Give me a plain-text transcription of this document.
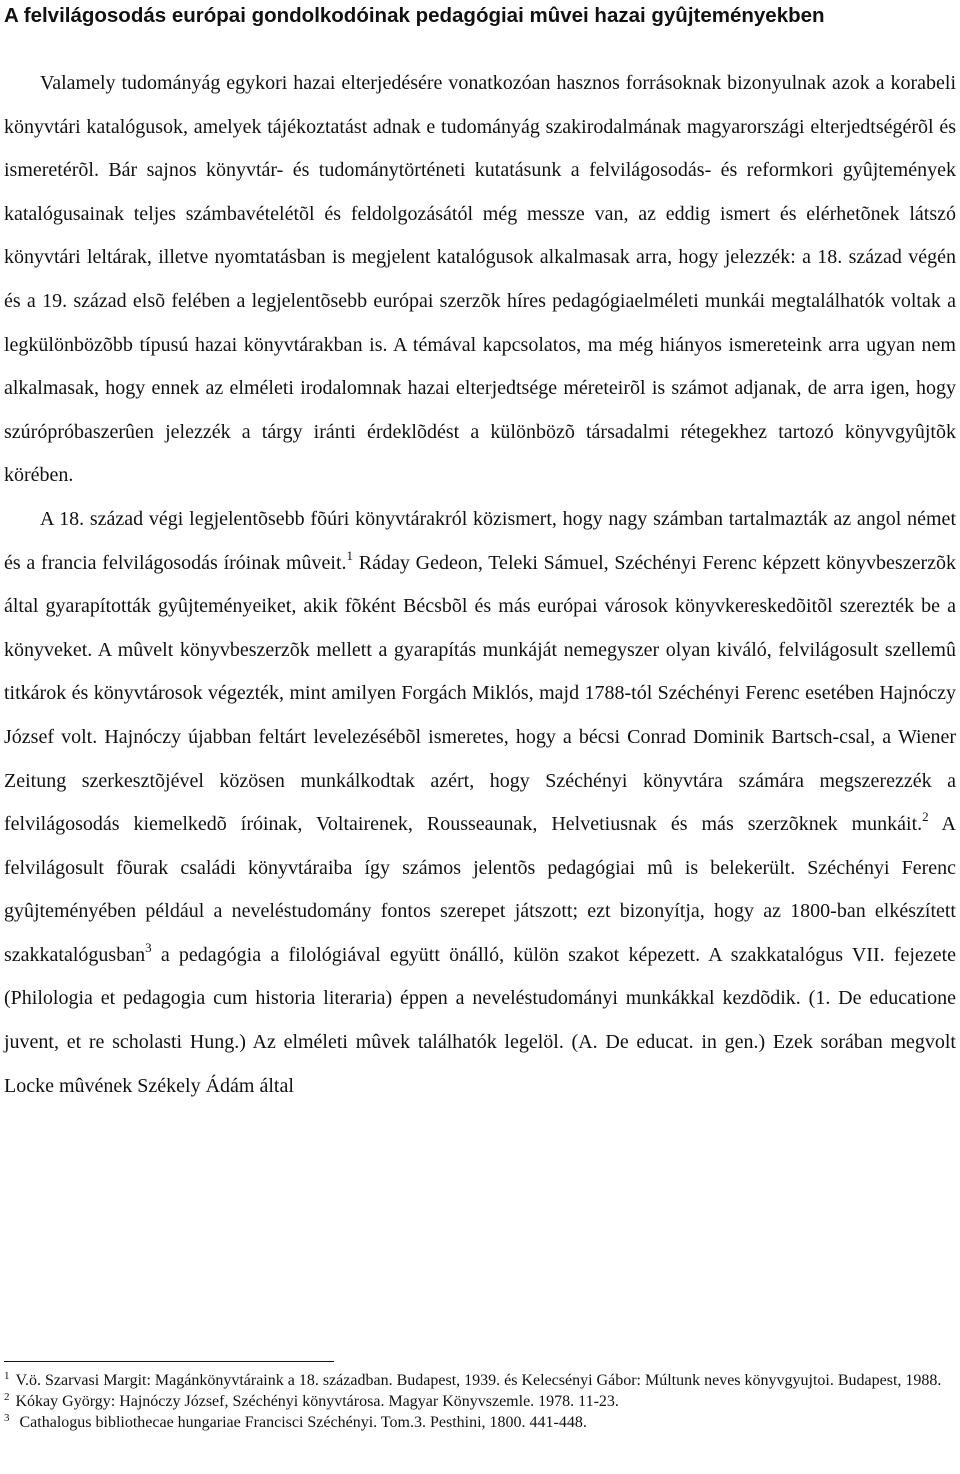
A felvilágosodás európai gondolkodóinak pedagógiai mûvei hazai gyûjteményekben

Valamely tudományág egykori hazai elterjedésére vonatkozóan hasznos forrásoknak bizonyulnak azok a korabeli könyvtári katalógusok, amelyek tájékoztatást adnak e tudományág szakirodalmának magyarországi elterjedtségérõl és ismeretérõl. Bár sajnos könyvtár- és tudománytörténeti kutatásunk a felvilágosodás- és reformkori gyûjtemények katalógusainak teljes számbavételétõl és feldolgozásától még messze van, az eddig ismert és elérhetõnek látszó könyvtári leltárak, illetve nyomtatásban is megjelent katalógusok alkalmasak arra, hogy jelezzék: a 18. század végén és a 19. század elsõ felében a legjelentõsebb európai szerzõk híres pedagógiaelméleti munkái megtalálhatók voltak a legkülönbözõbb típusú hazai könyvtárakban is. A témával kapcsolatos, ma még hiányos ismereteink arra ugyan nem alkalmasak, hogy ennek az elméleti irodalomnak hazai elterjedtsége méreteirõl is számot adjanak, de arra igen, hogy szúrópróbaszerûen jelezzék a tárgy iránti érdeklõdést a különbözõ társadalmi rétegekhez tartozó könyvgyûjtõk körében.

A 18. század végi legjelentõsebb fõúri könyvtárakról közismert, hogy nagy számban tartalmazták az angol német és a francia felvilágosodás íróinak mûveit.$^1$ Ráday Gedeon, Teleki Sámuel, Széchényi Ferenc képzett könyvbeszerzõk által gyarapították gyûjteményeiket, akik fõként Bécsbõl és más európai városok könyvkereskedõitõl szerezték be a könyveket. A mûvelt könyvbeszerzõk mellett a gyarapítás munkáját nemegyszer olyan kiváló, felvilágosult szellemû titkárok és könyvtárosok végezték, mint amilyen Forgách Miklós, majd 1788-tól Széchényi Ferenc esetében Hajnóczy József volt. Hajnóczy újabban feltárt levelezésébõl ismeretes, hogy a bécsi Conrad Dominik Bartsch-csal, a Wiener Zeitung szerkesztõjével közösen munkálkodtak azért, hogy Széchényi könyvtára számára megszerezzék a felvilágosodás kiemelkedõ íróinak, Voltairenek, Rousseaunak, Helvetiusnak és más szerzõknek munkáit.$^2$ A felvilágosult fõurak családi könyvtáraiba így számos jelentõs pedagógiai mû is belekerült. Széchényi Ferenc gyûjteményében például a neveléstudomány fontos szerepet játszott; ezt bizonyítja, hogy az 1800-ban elkészített szakkatalógusban$^3$ a pedagógia a filológiával együtt önálló, külön szakot képezett. A szakkatalógus VII. fejezete (Philologia et pedagogia cum historia literaria) éppen a neveléstudományi munkákkal kezdõdik. (1. De educatione juvent, et re scholasti Hung.) Az elméleti mûvek találhatók legelöl. (A. De educat. in gen.) Ezek sorában megvolt Locke mûvének Székely Ádám által

$^1$ V.ö. Szarvasi Margit: Magánkönyvtáraink a 18. században. Budapest, 1939. és Kelecsényi Gábor: Múltunk neves könyvgyujtoi. Budapest, 1988.

$^2$ Kókay György: Hajnóczy József, Széchényi könyvtárosa. Magyar Könyvszemle. 1978. 11-23.

$^3$ Cathalogus bibliothecae hungariae Francisci Széchényi. Tom.3. Pesthini, 1800. 441-448.
